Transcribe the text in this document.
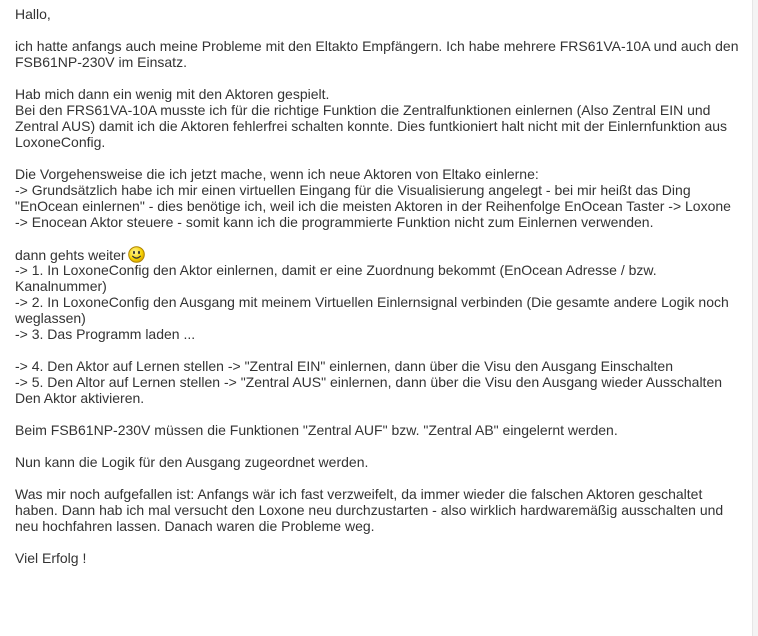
Hallo,
ich hatte anfangs auch meine Probleme mit den Eltakto Empfängern. Ich habe mehrere FRS61VA-10A und auch den
FSB61NP-230V im Einsatz.
Hab mich dann ein wenig mit den Aktoren gespielt.
Bei den FRS61VA-10A musste ich für die richtige Funktion die Zentralfunktionen einlernen (Also Zentral EIN und
Zentral AUS) damit ich die Aktoren fehlerfrei schalten konnte. Dies funtkioniert halt nicht mit der Einlernfunktion aus
LoxoneConfig.
Die Vorgehensweise die ich jetzt mache, wenn ich neue Aktoren von Eltako einlerne:
-> Grundsätzlich habe ich mir einen virtuellen Eingang für die Visualisierung angelegt - bei mir heißt das Ding
"EnOcean einlernen" - dies benötige ich, weil ich die meisten Aktoren in der Reihenfolge EnOcean Taster -> Loxone
-> Enocean Aktor steuere - somit kann ich die programmierte Funktion nicht zum Einlernen verwenden.
dann gehts weiter
-> 1. In LoxoneConfig den Aktor einlernen, damit er eine Zuordnung bekommt (EnOcean Adresse / bzw.
Kanalnummer)
-> 2. In LoxoneConfig den Ausgang mit meinem Virtuellen Einlernsignal verbinden (Die gesamte andere Logik noch
weglassen)
-> 3. Das Programm laden ...
-> 4. Den Aktor auf Lernen stellen -> "Zentral EIN" einlernen, dann über die Visu den Ausgang Einschalten
-> 5. Den Altor auf Lernen stellen -> "Zentral AUS" einlernen, dann über die Visu den Ausgang wieder Ausschalten
Den Aktor aktivieren.
Beim FSB61NP-230V müssen die Funktionen "Zentral AUF" bzw. "Zentral AB" eingelernt werden.
Nun kann die Logik für den Ausgang zugeordnet werden.
Was mir noch aufgefallen ist: Anfangs wär ich fast verzweifelt, da immer wieder die falschen Aktoren geschaltet
haben. Dann hab ich mal versucht den Loxone neu durchzustarten - also wirklich hardwaremäßig ausschalten und
neu hochfahren lassen. Danach waren die Probleme weg.
Viel Erfolg !
